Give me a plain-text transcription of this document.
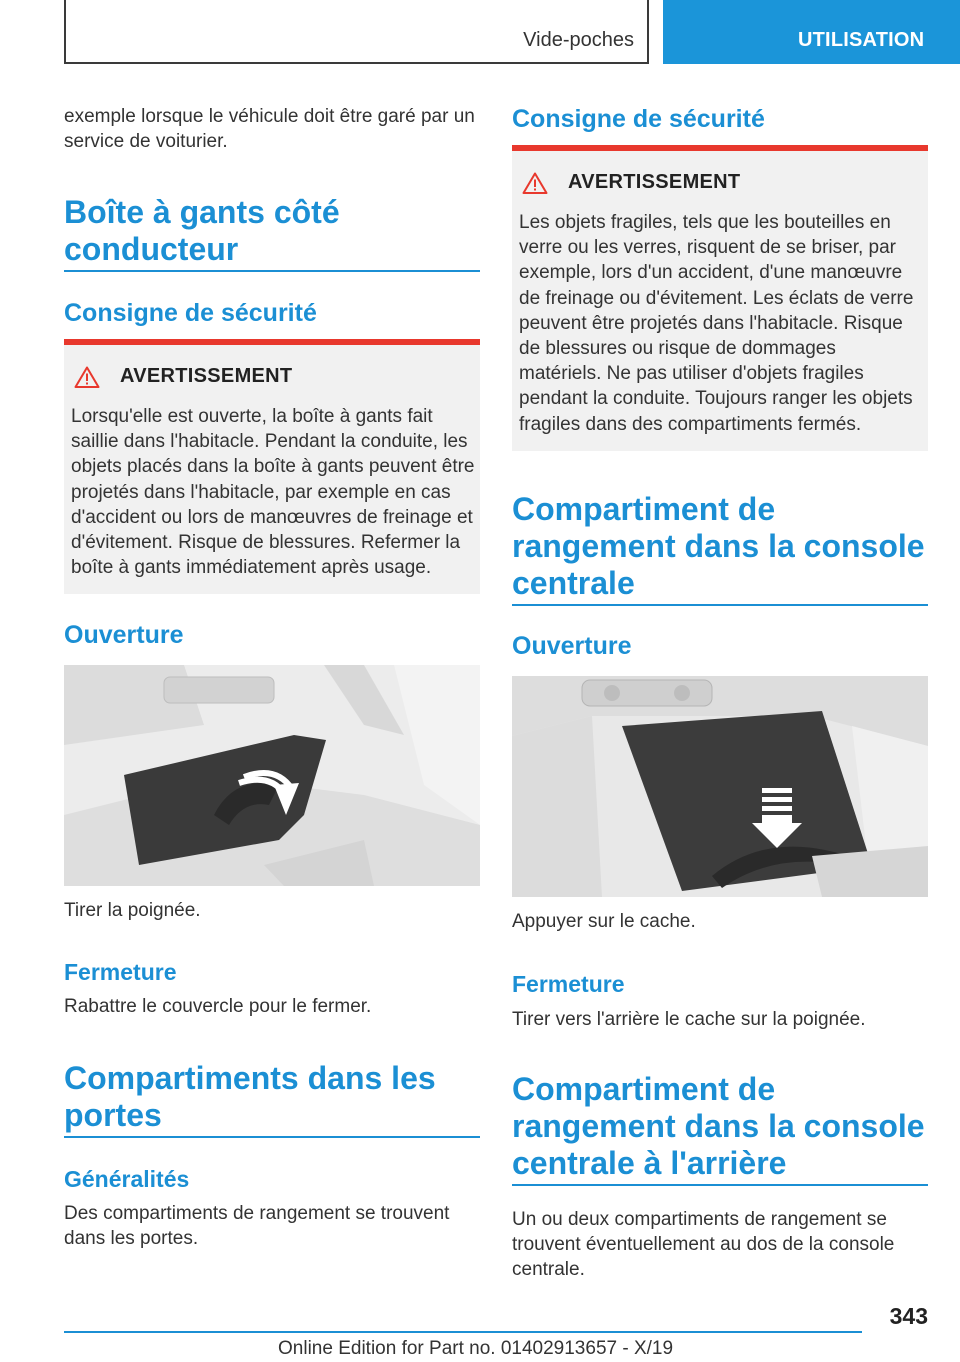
Vide-poches	UTILISATION

exemple lorsque le véhicule doit être garé par un service de voiturier.

Boîte à gants côté conducteur
Consigne de sécurité
AVERTISSEMENT

Lorsqu'elle est ouverte, la boîte à gants fait saillie dans l'habitacle. Pendant la conduite, les objets placés dans la boîte à gants peuvent être projetés dans l'habitacle, par exemple en cas d'accident ou lors de manœuvres de freinage et d'évitement. Risque de blessures. Refermer la boîte à gants immédiatement après usage.

Ouverture

Tirer la poignée.

Fermeture

Rabattre le couvercle pour le fermer.

Compartiments dans les portes
Généralités

Des compartiments de rangement se trouvent dans les portes.

Consigne de sécurité
AVERTISSEMENT

Les objets fragiles, tels que les bouteilles en verre ou les verres, risquent de se briser, par exemple, lors d'un accident, d'une manœuvre de freinage ou d'évitement. Les éclats de verre peuvent être projetés dans l'habitacle. Risque de blessures ou risque de dommages matériels. Ne pas utiliser d'objets fragiles pendant la conduite. Toujours ranger les objets fragiles dans des compartiments fermés.

Compartiment de rangement dans la console centrale
Ouverture

Appuyer sur le cache.

Fermeture

Tirer vers l'arrière le cache sur la poignée.

Compartiment de rangement dans la console centrale à l'arrière

Un ou deux compartiments de rangement se trouvent éventuellement au dos de la console centrale.

343
Online Edition for Part no. 01402913657 - X/19
